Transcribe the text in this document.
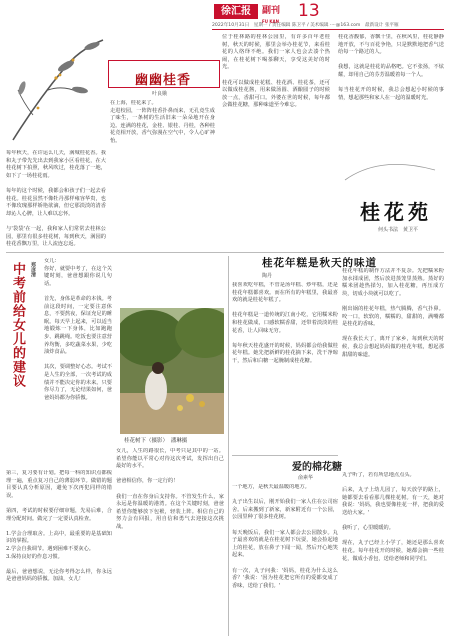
徐汇报	副刊
FU KAN
13
2022年10月31日　星期一 / 责任编辑 陈卫平 / 美术编辑 ····@163.com　最新设计 张平雁
幽幽桂香
叶良娥
在上海，桂花来了。
走进校园，一阵阵桂香扑鼻而来，无孔竟生成了味生，一条树的生活旧来一朵朵地开在身边。连满的桂花，金桂、银桂、丹桂，各种桂花竞相开放，香气弥漫在空气中，令人心旷神怡。
每年秋天，在许运么几天，满城桂花香。我和丸子带先先出去到我家小区看桂花，在大桂花树下拍照，秋风吹过，桂花落了一地，如下了一场桂花雨。

每年的这个时候，我都会和孩子们一起去看桂花。桂花虽然不像牡丹那样雍容华贵，也不像玫瑰那样娇艳欲滴，但它那淡淡的清香却沁人心脾，让人难以忘怀。

与'袋袋'在一起，我和家人们常常去桂林公园，那里有很多桂花树，每到秋天，满园的桂花香飘万里，让人流连忘返。
位于桂林路的桂林公园里，有许多百年老桂树，秋天的时候，那里会举办桂花节，来看桂花的人络绎不绝。我们一家人也会去凑个热闹，在桂花树下喝茶聊天，享受这美好的时光。

桂花可以做成桂花糕、桂花酒、桂花茶，还可以做成桂花酱，用来做汤圆、酒酿圆子的时候放一点，香甜可口。外婆在世的时候，每年都会做桂花糖，那种味道至今难忘。
桂花香馥郁，香飘十里，在秋风里，桂花静静地开放，不与百花争艳，只是默默地把香气送给每一个路过的人。

我想，这就是桂花的品格吧。它不张扬，不炫耀，却用自己的芬芳温暖着每一个人。

每当桂花开的时候，我总会想起小时候的事情，想起那些和家人在一起的温暖时光。
桂花苑
何头书法　黄卫平
中考前给女儿的建议	郑彦清
女儿：
你好，就要中考了，在这个关键时刻，爸爸想跟你说几句话。

首先，身体是革命的本钱。考前这段时间，一定要注意休息，不要熬夜，保证充足的睡眠。每天早上起来，可以适当地锻炼一下身体，比如跑跑步、跳跳绳。吃饭也要注意营养均衡，多吃蔬菜水果，少吃油炸食品。

其次，要调整好心态。考试不是人生的全部，一次考试的成绩并不能决定你的未来。只要你尽力了，无论结果如何，爸爸妈妈都为你骄傲。
第三，复习要有计划。把每一科的知识点都梳理一遍，重点复习自己的薄弱环节。做错的题目要认真分析原因，避免下次再犯同样的错误。

第四，考试的时候要仔细审题，先易后难，合理分配时间。做完了一定要认真检查。

1.学会合理取舍。上高中，最重要的是基础知识的掌握。
2.学会自我调节。遇到困难不要灰心。
3.保持良好的作息习惯。

最后，爸爸想说，无论你考得怎么样，你永远是爸爸妈妈的骄傲。加油，女儿！
女儿，人生的路很长，中考只是其中的一站。希望你能以平常心对待这次考试，发挥出自己最好的水平。

爸爸相信你，你一定行的！

我们一直在你身后支持你。不管发生什么，家永远是你温暖的港湾。在这个关键时刻，爸爸希望你能够放下包袱，轻装上阵。相信自己的努力会有回报，用自信和勇气去迎接这次挑战。
桂花树下（摄影）　 潘琳摄
桂花年糕是秋天的味道
陶丹
我喜欢吃年糕，不管是汤年糕、炒年糕，还是桂花年糕都喜欢。而在所有的年糕里，我最喜欢的就是桂花年糕了。

桂花年糕是一道传统的江南小吃，它用糯米粉和桂花做成，口感软糯香甜，还带着淡淡的桂花香，让人回味无穷。

每年秋天桂花盛开的时候，妈妈都会给我做桂花年糕。她先把新鲜的桂花摘下来，洗干净晾干，然后和白糖一起腌制成桂花糖。
桂花年糕的制作方法并不复杂。先把糯米粉加水揉成团，然后放进蒸笼里蒸熟。蒸好的糯米团趁热揉匀，加入桂花糖，再压成方块，切成小块就可以吃了。

刚出锅的桂花年糕，热气腾腾，香气扑鼻。咬一口，软软的，糯糯的，甜甜的，满嘴都是桂花的香味。

现在我长大了，离开了家乡，每到秋天的时候，我总会想起妈妈做的桂花年糕，想起那甜甜的味道。
爱的棉花糖
俞素华
一个地方，是秋天最温暖的地方。

丸子出生以后，刚开始我们一家人住在公司宿舍。后来搬到了新家，新家附近有一个公园，公园里种了很多桂花树。

每天晚饭后，我们一家人都会去公园散步。丸子最喜欢的就是在桂花树下玩耍，她会捡起地上的桂花，放在鼻子下闻一闻，然后开心地笑起来。

有一次，丸子问我：'妈妈，桂花为什么这么香？'我说：'因为桂花把它所有的爱都变成了香味，送给了我们。'
丸子听了，若有所思地点点头。

后来，丸子上幼儿园了，每天放学的路上，她都要去看看那几棵桂花树。有一天，她对我说：'妈妈，我也要像桂花一样，把我的爱送给大家。'

我听了，心里暖暖的。

现在，丸子已经上小学了，她还是那么喜欢桂花。每年桂花开的时候，她都会摘一些桂花，做成小香包，送给老师和同学们。
